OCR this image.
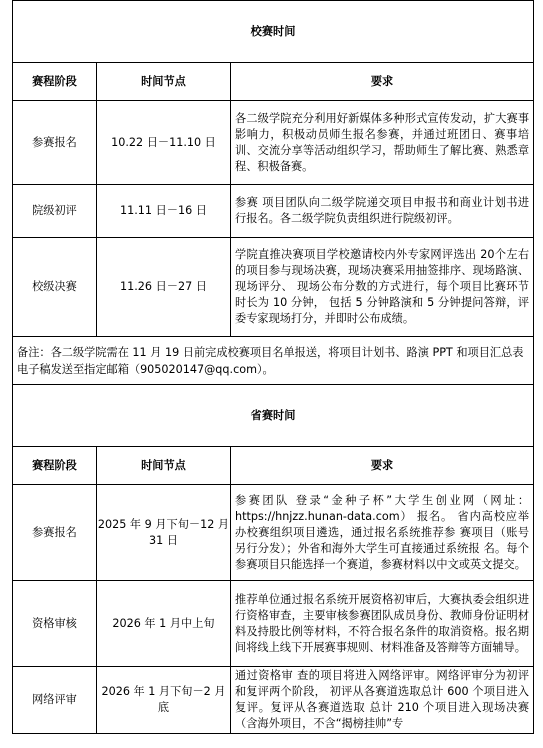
校赛时间		
赛程阶段	时间节点	要求
参赛报名	10.22 日－11.10 日	各二级学院充分利用好新媒体多种形式宣传发动，扩大赛事影响力，积极动员师生报名参赛，并通过班团日、赛事培训、交流分享等活动组织学习，帮助师生了解比赛、熟悉章程、积极备赛。
院级初评	11.11 日－16 日	参赛 项目团队向二级学院递交项目申报书和商业计划书进行报名。各二级学院负责组织进行院级初评。
校级决赛	11.26 日－27 日	学院直推决赛项目学校邀请校内外专家网评选出 20个左右的项目参与现场决赛，现场决赛采用抽签排序、现场路演、现场评分、 现场公布分数的方式进行，每个项目比赛环节时长为 10 分钟， 包括 5 分钟路演和 5 分钟提问答辩，评委专家现场打分，并即时公布成绩。
备注：各二级学院需在 11 月 19 日前完成校赛项目名单报送，将项目计划书、路演 PPT 和项目汇总表电子稿发送至指定邮箱（905020147@qq.com）。		
省赛时间		
赛程阶段	时间节点	要求
参赛报名	2025 年 9 月下旬－12 月 31 日	参赛团队 登录“金种子杯”大学生创业网（网址：https://hnjzz.hunan-data.com） 报名。 省内高校应举办校赛组织项目遴选，通过报名系统推荐参 赛项目（账号另行分发）；外省和海外大学生可直接通过系统报 名。每个参赛项目只能选择一个赛道，参赛材料以中文或英文提交。
资格审核	2026 年 1 月中上旬	推荐单位通过报名系统开展资格初审后，大赛执委会组织进行资格审查，主要审核参赛团队成员身份、教师身份证明材料及持股比例等材料，不符合报名条件的取消资格。报名期间将线上线下开展赛事规则、材料准备及答辩等方面辅导。
网络评审	2026 年 1 月下旬－2 月底	通过资格审 查的项目将进入网络评审。网络评审分为初评和复评两个阶段， 初评从各赛道选取总计 600 个项目进入复评。复评从各赛道选取 总计 210 个项目进入现场决赛（含海外项目，不含“揭榜挂帅”专
